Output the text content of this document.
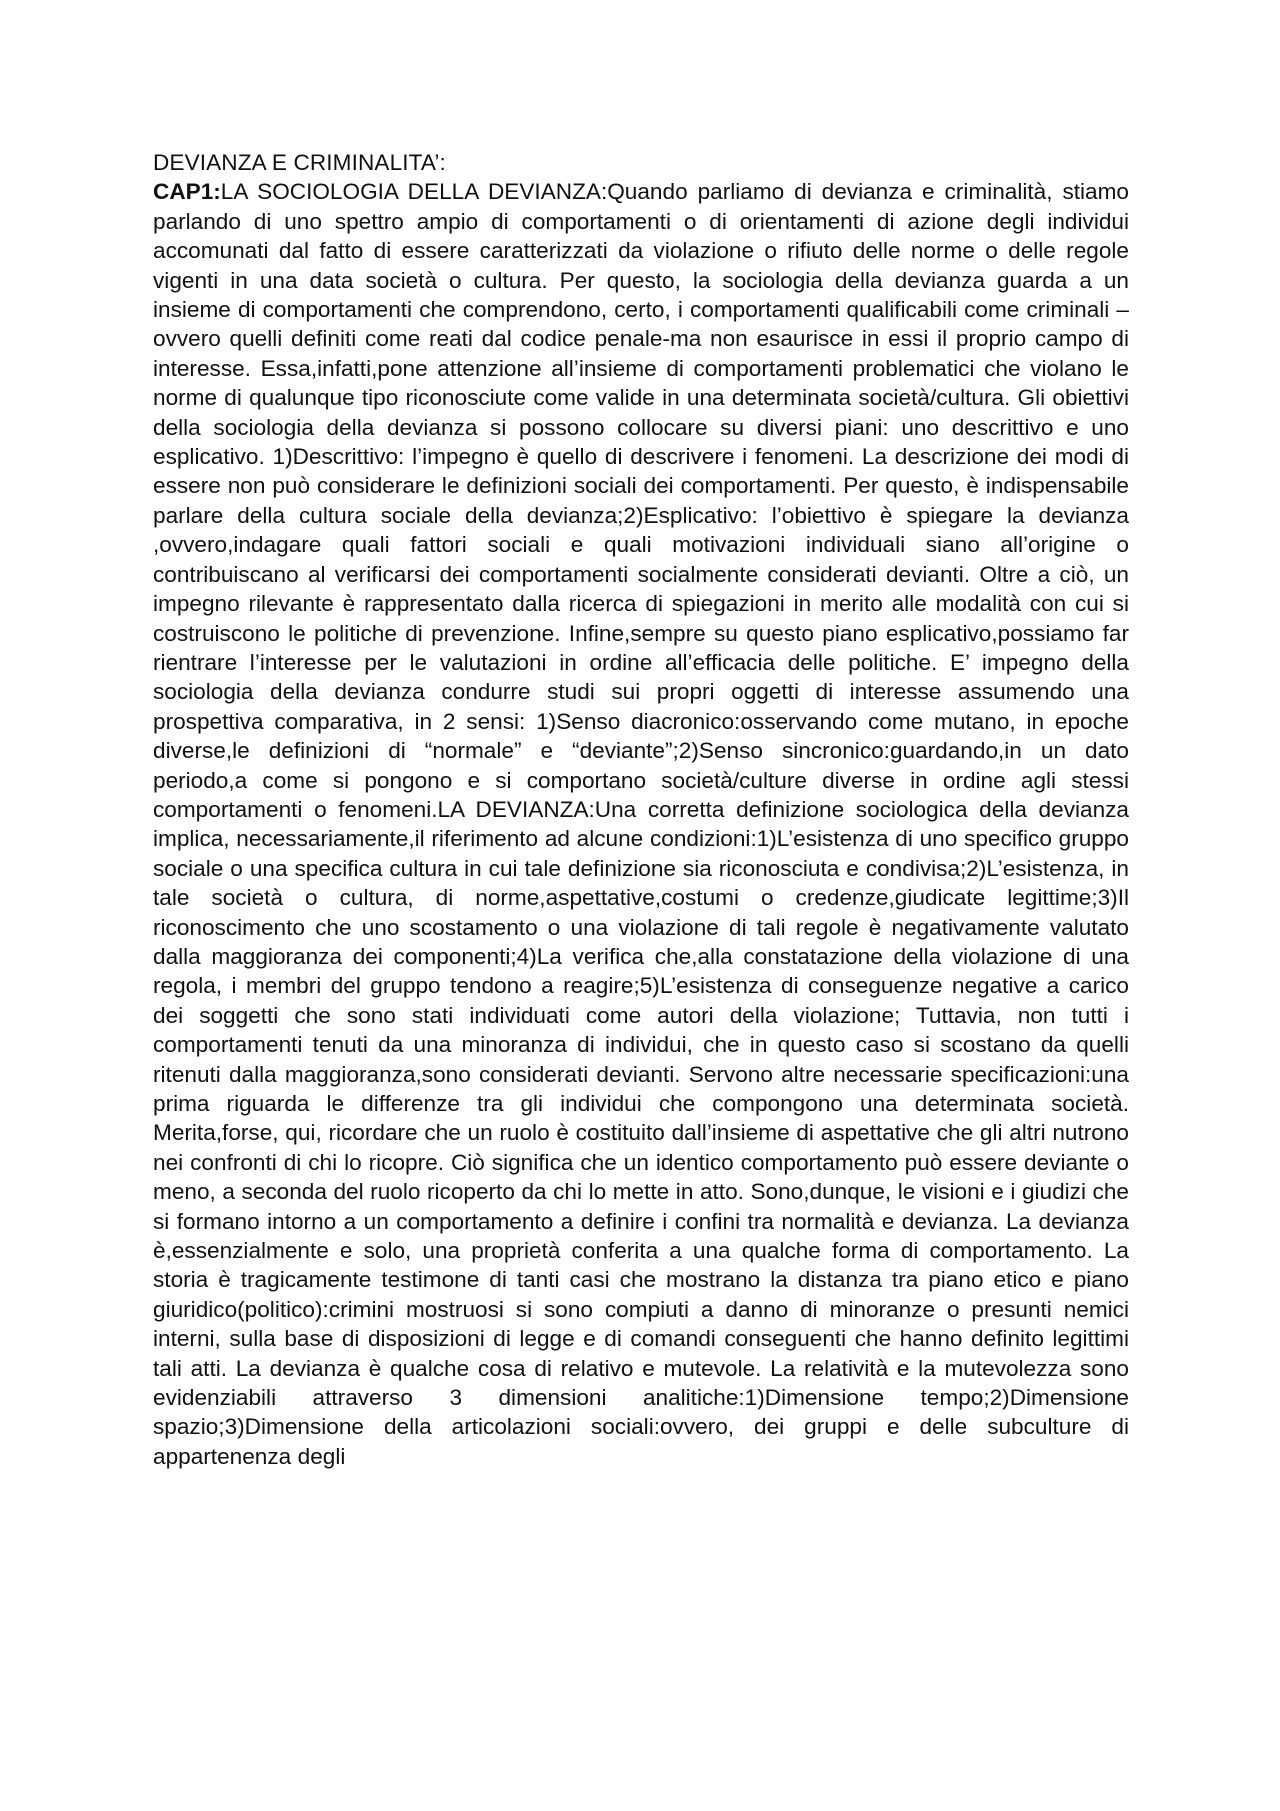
DEVIANZA E CRIMINALITA’:

CAP1:LA SOCIOLOGIA DELLA DEVIANZA:Quando parliamo di devianza e criminalità, stiamo parlando di uno spettro ampio di comportamenti o di orientamenti di azione degli individui accomunati dal fatto di essere caratterizzati da violazione o rifiuto delle norme o delle regole vigenti in una data società o cultura. Per questo, la sociologia della devianza guarda a un insieme di comportamenti che comprendono, certo, i comportamenti qualificabili come criminali –ovvero quelli definiti come reati dal codice penale-ma non esaurisce in essi il proprio campo di interesse. Essa,infatti,pone attenzione all’insieme di comportamenti problematici che violano le norme di qualunque tipo riconosciute come valide in una determinata società/cultura. Gli obiettivi della sociologia della devianza si possono collocare su diversi piani: uno descrittivo e uno esplicativo. 1)Descrittivo: l’impegno è quello di descrivere i fenomeni. La descrizione dei modi di essere non può considerare le definizioni sociali dei comportamenti. Per questo, è indispensabile parlare della cultura sociale della devianza;2)Esplicativo: l’obiettivo è spiegare la devianza ,ovvero,indagare quali fattori sociali e quali motivazioni individuali siano all’origine o contribuiscano al verificarsi dei comportamenti socialmente considerati devianti. Oltre a ciò, un impegno rilevante è rappresentato dalla ricerca di spiegazioni in merito alle modalità con cui si costruiscono le politiche di prevenzione. Infine,sempre su questo piano esplicativo,possiamo far rientrare l’interesse per le valutazioni in ordine all’efficacia delle politiche. E’ impegno della sociologia della devianza condurre studi sui propri oggetti di interesse assumendo una prospettiva comparativa, in 2 sensi: 1)Senso diacronico:osservando come mutano, in epoche diverse,le definizioni di “normale” e “deviante”;2)Senso sincronico:guardando,in un dato periodo,a come si pongono e si comportano società/culture diverse in ordine agli stessi comportamenti o fenomeni.LA DEVIANZA:Una corretta definizione sociologica della devianza implica, necessariamente,il riferimento ad alcune condizioni:1)L’esistenza di uno specifico gruppo sociale o una specifica cultura in cui tale definizione sia riconosciuta e condivisa;2)L’esistenza, in tale società o cultura, di norme,aspettative,costumi o credenze,giudicate legittime;3)Il riconoscimento che uno scostamento o una violazione di tali regole è negativamente valutato dalla maggioranza dei componenti;4)La verifica che,alla constatazione della violazione di una regola, i membri del gruppo tendono a reagire;5)L’esistenza di conseguenze negative a carico dei soggetti che sono stati individuati come autori della violazione; Tuttavia, non tutti i comportamenti tenuti da una minoranza di individui, che in questo caso si scostano da quelli ritenuti dalla maggioranza,sono considerati devianti. Servono altre necessarie specificazioni:una prima riguarda le differenze tra gli individui che compongono una determinata società. Merita,forse, qui, ricordare che un ruolo è costituito dall’insieme di aspettative che gli altri nutrono nei confronti di chi lo ricopre. Ciò significa che un identico comportamento può essere deviante o meno, a seconda del ruolo ricoperto da chi lo mette in atto. Sono,dunque, le visioni e i giudizi che si formano intorno a un comportamento a definire i confini tra normalità e devianza. La devianza è,essenzialmente e solo, una proprietà conferita a una qualche forma di comportamento. La storia è tragicamente testimone di tanti casi che mostrano la distanza tra piano etico e piano giuridico(politico):crimini mostruosi si sono compiuti a danno di minoranze o presunti nemici interni, sulla base di disposizioni di legge e di comandi conseguenti che hanno definito legittimi tali atti. La devianza è qualche cosa di relativo e mutevole. La relatività e la mutevolezza sono evidenziabili attraverso 3 dimensioni analitiche:1)Dimensione tempo;2)Dimensione spazio;3)Dimensione della articolazioni sociali:ovvero, dei gruppi e delle subculture di appartenenza degli
